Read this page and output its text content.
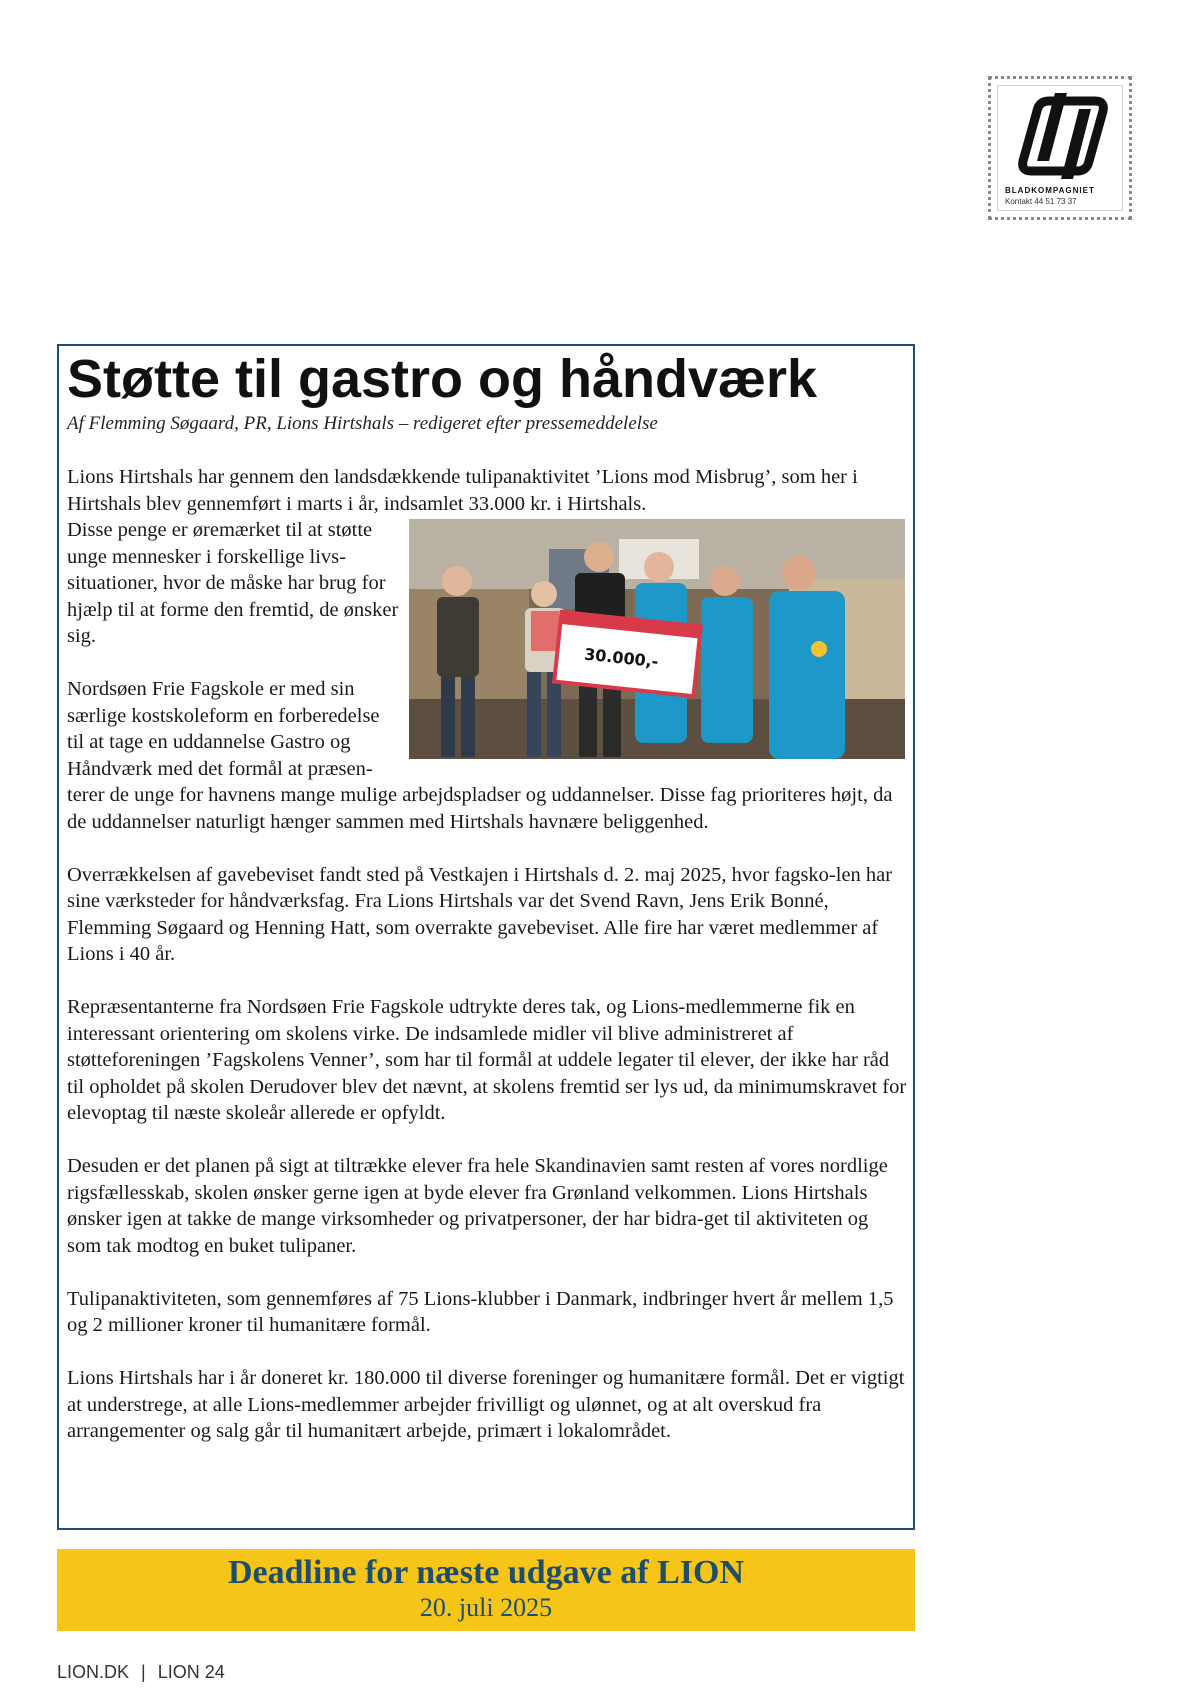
BLADKOMPAGNIET
Kontakt 44 51 73 37
Støtte til gastro og håndværk

Af Flemming Søgaard, PR, Lions Hirtshals – redigeret efter pressemeddelelse

Lions Hirtshals har gennem den landsdækkende tulipanaktivitet ’Lions mod Misbrug’, som her i Hirtshals blev gennemført i marts i år, indsamlet 33.000 kr. i Hirtshals.

30.000,-

Disse penge er øremærket til at støtte unge mennesker i forskellige livs-situationer, hvor de måske har brug for hjælp til at forme den fremtid, de ønsker sig.

Nordsøen Frie Fagskole er med sin særlige kostskoleform en forberedelse til at tage en uddannelse Gastro og Håndværk med det formål at præsen-terer de unge for havnens mange mulige arbejdspladser og uddannelser. Disse fag prioriteres højt, da de uddannelser naturligt hænger sammen med Hirtshals havnære beliggenhed.

Overrækkelsen af gavebeviset fandt sted på Vestkajen i Hirtshals d. 2. maj 2025, hvor fagsko-len har sine værksteder for håndværksfag. Fra Lions Hirtshals var det Svend Ravn, Jens Erik Bonné, Flemming Søgaard og Henning Hatt, som overrakte gavebeviset. Alle fire har været medlemmer af Lions i 40 år.

Repræsentanterne fra Nordsøen Frie Fagskole udtrykte deres tak, og Lions-medlemmerne fik en interessant orientering om skolens virke. De indsamlede midler vil blive administreret af støtteforeningen ’Fagskolens Venner’, som har til formål at uddele legater til elever, der ikke har råd til opholdet på skolen Derudover blev det nævnt, at skolens fremtid ser lys ud, da minimumskravet for elevoptag til næste skoleår allerede er opfyldt.

Desuden er det planen på sigt at tiltrække elever fra hele Skandinavien samt resten af vores nordlige rigsfællesskab, skolen ønsker gerne igen at byde elever fra Grønland velkommen. Lions Hirtshals ønsker igen at takke de mange virksomheder og privatpersoner, der har bidra-get til aktiviteten og som tak modtog en buket tulipaner.

Tulipanaktiviteten, som gennemføres af 75 Lions-klubber i Danmark, indbringer hvert år mellem 1,5 og 2 millioner kroner til humanitære formål.

Lions Hirtshals har i år doneret kr. 180.000 til diverse foreninger og humanitære formål. Det er vigtigt at understrege, at alle Lions-medlemmer arbejder frivilligt og ulønnet, og at alt overskud fra arrangementer og salg går til humanitært arbejde, primært i lokalområdet.

Deadline for næste udgave af LION
20. juli 2025
LION.DK | LION 24
